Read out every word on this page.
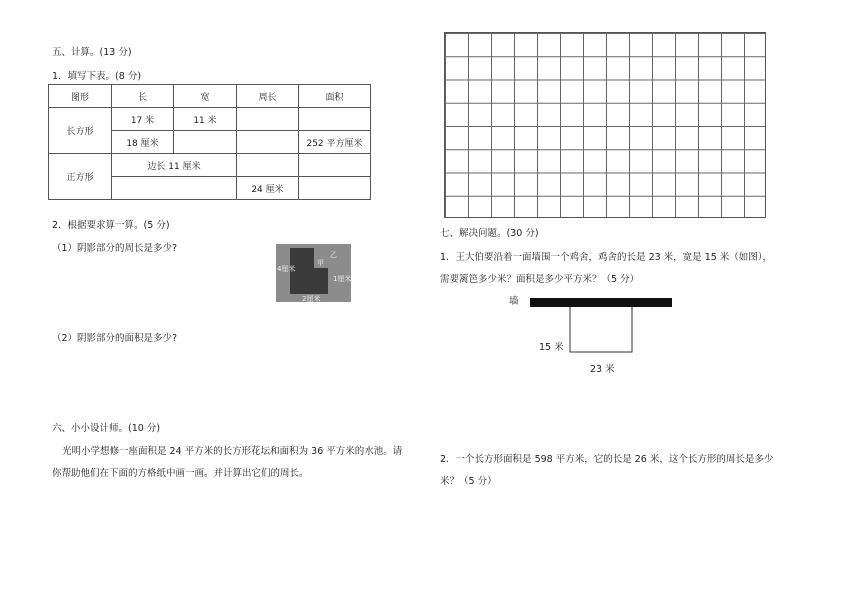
五、计算。(13 分)
1．填写下表。(8 分)
图形	长	宽	周长	面积
长方形	17 米	11 米		
	18 厘米			252 平方厘米
正方形	边长 11 厘米			
			24 厘米	
2．根据要求算一算。(5 分)
（1）阴影部分的周长是多少?
4厘米
乙
甲
1厘米
2厘米
（2）阴影部分的面积是多少?
六、小小设计师。(10 分)
光明小学想修一座面积是 24 平方米的长方形花坛和面积为 36 平方米的水池。请
你帮助他们在下面的方格纸中画一画。并计算出它们的周长。
七、解决问题。(30 分)
1．王大伯要沿着一面墙围一个鸡舍，鸡舍的长是 23 米，宽是 15 米（如图），
需要篱笆多少米？面积是多少平方米？（5 分）
墙
15 米
23 米
2．一个长方形面积是 598 平方米，它的长是 26 米，这个长方形的周长是多少
米？（5 分）
